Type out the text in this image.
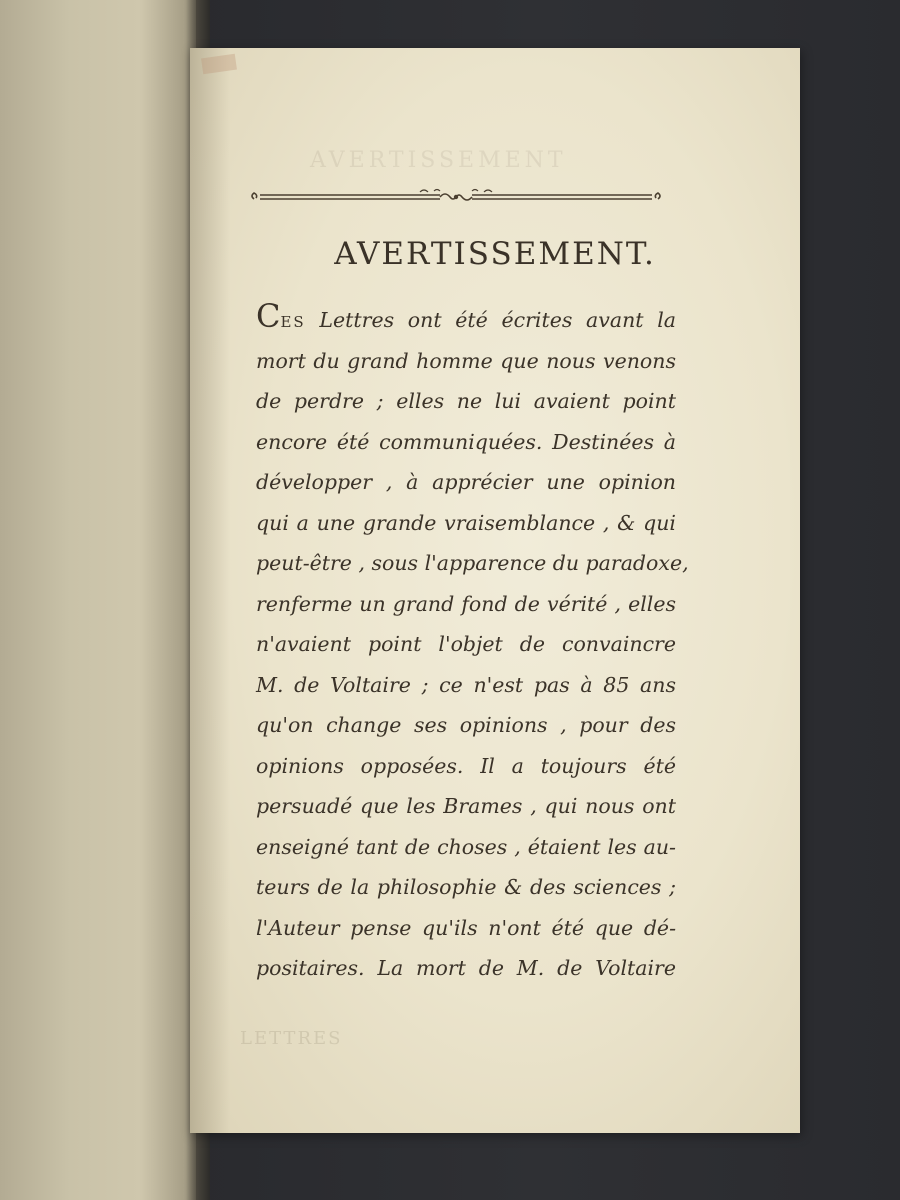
AVERTISSEMENT
AVERTISSEMENT.
CES Lettres ont été écrites avant la
mort du grand homme que nous venons
de perdre ; elles ne lui avaient point
encore été communiquées. Destinées à
développer , à apprécier une opinion
qui a une grande vraisemblance , & qui
peut-être , sous l'apparence du paradoxe,
renferme un grand fond de vérité , elles
n'avaient point l'objet de convaincre
M. de Voltaire ; ce n'est pas à 85 ans
qu'on change ses opinions , pour des
opinions opposées. Il a toujours été
persuadé que les Brames , qui nous ont
enseigné tant de choses , étaient les au-
teurs de la philosophie & des sciences ;
l'Auteur pense qu'ils n'ont été que dé-
positaires. La mort de M. de Voltaire
LETTRES
